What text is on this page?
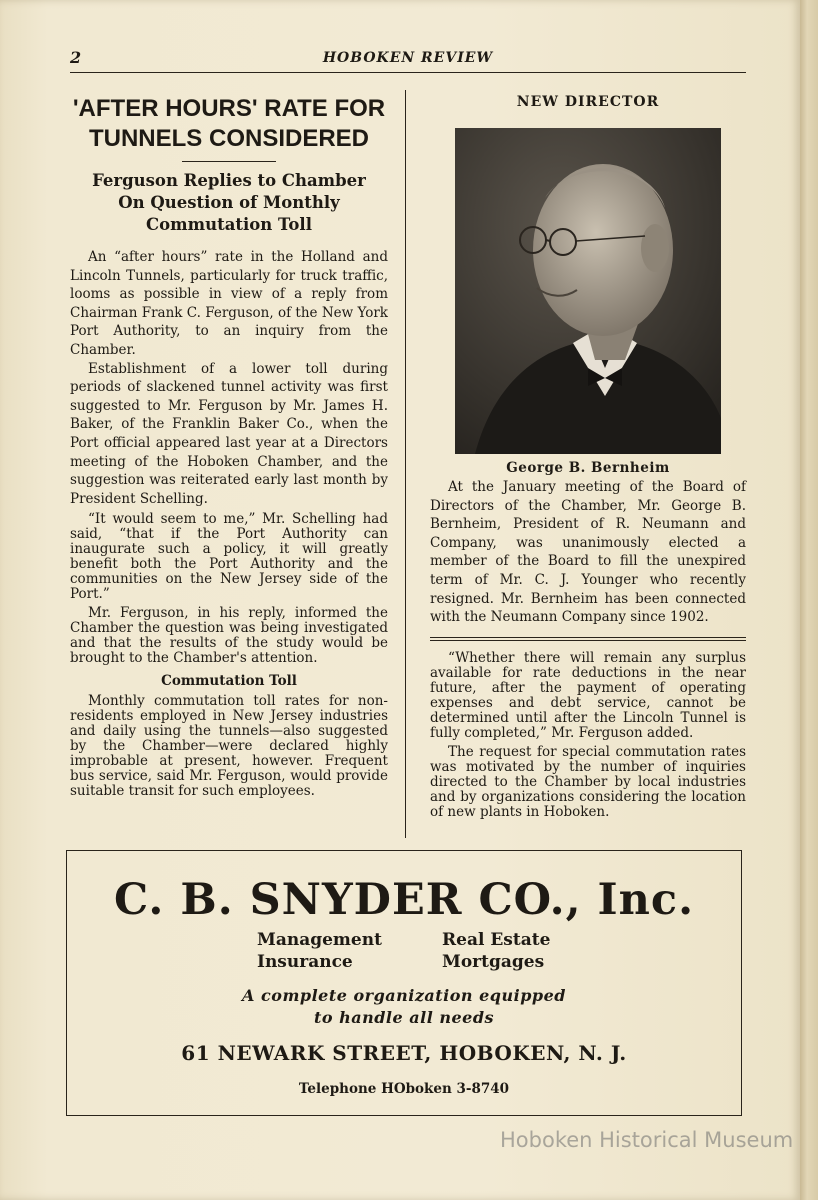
2	HOBOKEN REVIEW
'AFTER HOURS' RATE FOR
TUNNELS CONSIDERED
Ferguson Replies to Chamber
On Question of Monthly
Commutation Toll

An “after hours” rate in the Holland and Lincoln Tunnels, particularly for truck traffic, looms as possible in view of a reply from Chairman Frank C. Ferguson, of the New York Port Authority, to an inquiry from the Chamber.

Establishment of a lower toll during periods of slackened tunnel activity was first suggested to Mr. Ferguson by Mr. James H. Baker, of the Franklin Baker Co., when the Port official appeared last year at a Directors meeting of the Hoboken Chamber, and the suggestion was reiterated early last month by President Schelling.

“It would seem to me,” Mr. Schelling had said, “that if the Port Authority can inaugurate such a policy, it will greatly benefit both the Port Authority and the communities on the New Jersey side of the Port.”

Mr. Ferguson, in his reply, informed the Chamber the question was being investigated and that the results of the study would be brought to the Chamber's attention.

Commutation Toll

Monthly commutation toll rates for non-residents employed in New Jersey industries and daily using the tunnels—also suggested by the Chamber—were declared highly improbable at present, however. Frequent bus service, said Mr. Ferguson, would provide suitable transit for such employees.

NEW DIRECTOR
George B. Bernheim

At the January meeting of the Board of Directors of the Chamber, Mr. George B. Bernheim, President of R. Neumann and Company, was unanimously elected a member of the Board to fill the unexpired term of Mr. C. J. Younger who recently resigned. Mr. Bernheim has been connected with the Neumann Company since 1902.

“Whether there will remain any surplus available for rate deductions in the near future, after the payment of operating expenses and debt service, cannot be determined until after the Lincoln Tunnel is fully completed,” Mr. Ferguson added.

The request for special commutation rates was motivated by the number of inquiries directed to the Chamber by local industries and by organizations considering the location of new plants in Hoboken.

C. B. SNYDER CO., Inc.
Management
Insurance
Real Estate
Mortgages
A complete organization equipped
to handle all needs
61 NEWARK STREET, HOBOKEN, N. J.
Telephone HOboken 3-8740
Hoboken Historical Museum
